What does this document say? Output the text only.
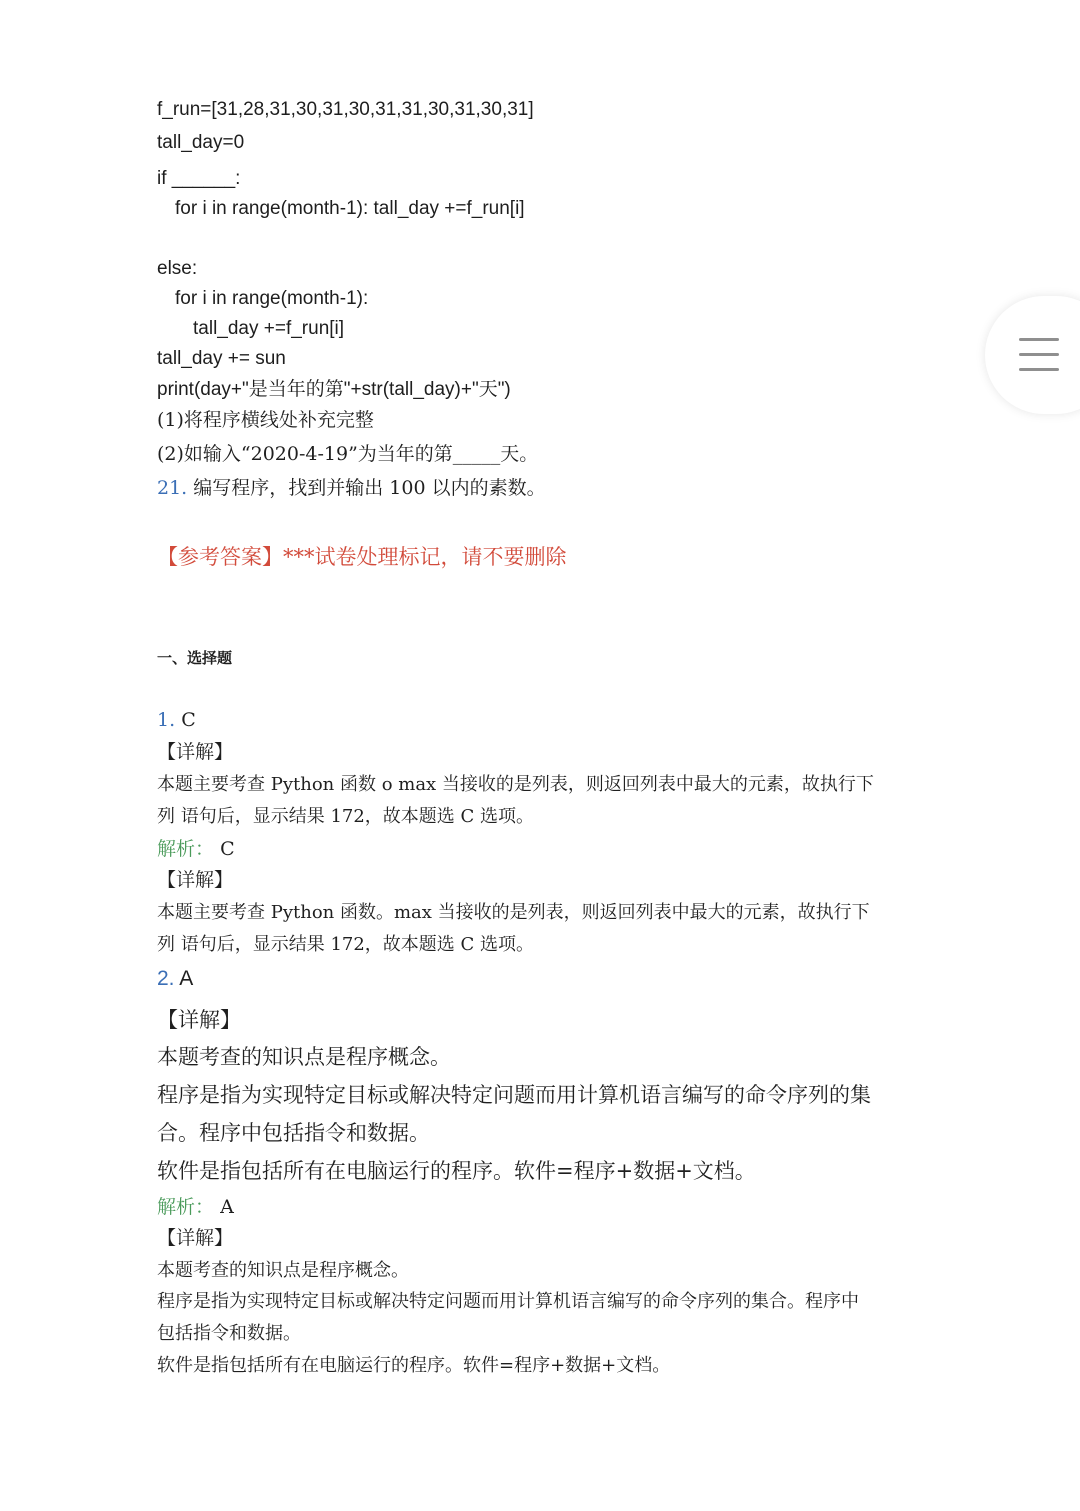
f_run=[31,28,31,30,31,30,31,31,30,31,30,31]
tall_day=0
if ______:
for i in range(month-1): tall_day +=f_run[i]
else:
for i in range(month-1):
tall_day +=f_run[i]
tall_day += sun
print(day+"是当年的第"+str(tall_day)+"天")
(1)将程序横线处补充完整
(2)如输入“2020-4-19”为当年的第_____天。
21. 编写程序，找到并输出 100 以内的素数。
【参考答案】***试卷处理标记，请不要删除
一、选择题
1. C
【详解】
本题主要考查 Python 函数 o max 当接收的是列表，则返回列表中最大的元素，故执行下
列 语句后，显示结果 172，故本题选 C 选项。
解析： C
【详解】
本题主要考查 Python 函数。max 当接收的是列表，则返回列表中最大的元素，故执行下
列 语句后，显示结果 172，故本题选 C 选项。
2. A
【详解】
本题考查的知识点是程序概念。
程序是指为实现特定目标或解决特定问题而用计算机语言编写的命令序列的集
合。程序中包括指令和数据。
软件是指包括所有在电脑运行的程序。软件=程序+数据+文档。
解析： A
【详解】
本题考查的知识点是程序概念。
程序是指为实现特定目标或解决特定问题而用计算机语言编写的命令序列的集合。程序中
包括指令和数据。
软件是指包括所有在电脑运行的程序。软件=程序+数据+文档。
